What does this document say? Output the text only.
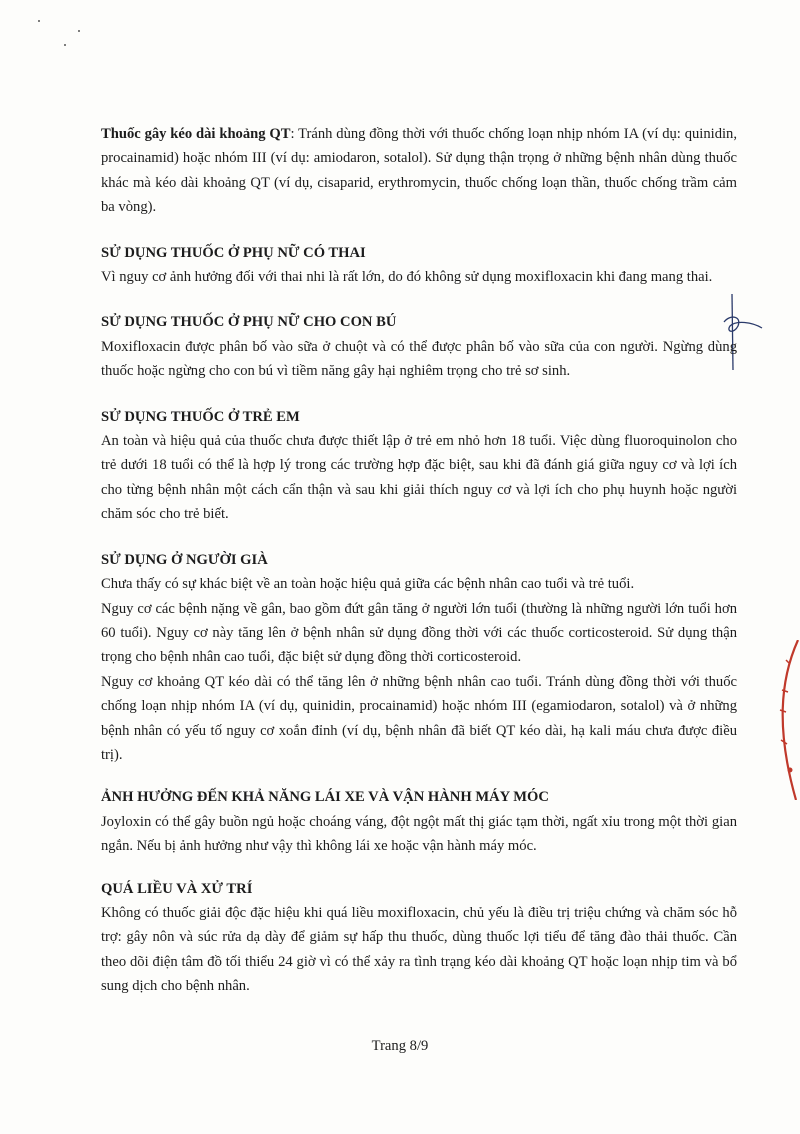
Thuốc gây kéo dài khoảng QT: Tránh dùng đồng thời với thuốc chống loạn nhịp nhóm IA (ví dụ: quinidin, procainamid) hoặc nhóm III (ví dụ: amiodaron, sotalol). Sử dụng thận trọng ở những bệnh nhân dùng thuốc khác mà kéo dài khoảng QT (ví dụ, cisaparid, erythromycin, thuốc chống loạn thần, thuốc chống trầm cảm ba vòng).

SỬ DỤNG THUỐC Ở PHỤ NỮ CÓ THAI

Vì nguy cơ ảnh hưởng đối với thai nhi là rất lớn, do đó không sử dụng moxifloxacin khi đang mang thai.

SỬ DỤNG THUỐC Ở PHỤ NỮ CHO CON BÚ

Moxifloxacin được phân bố vào sữa ở chuột và có thể được phân bố vào sữa của con người. Ngừng dùng thuốc hoặc ngừng cho con bú vì tiềm năng gây hại nghiêm trọng cho trẻ sơ sinh.

SỬ DỤNG THUỐC Ở TRẺ EM

An toàn và hiệu quả của thuốc chưa được thiết lập ở trẻ em nhỏ hơn 18 tuổi. Việc dùng fluoroquinolon cho trẻ dưới 18 tuổi có thể là hợp lý trong các trường hợp đặc biệt, sau khi đã đánh giá giữa nguy cơ và lợi ích cho từng bệnh nhân một cách cẩn thận và sau khi giải thích nguy cơ và lợi ích cho phụ huynh hoặc người chăm sóc cho trẻ biết.

SỬ DỤNG Ở NGƯỜI GIÀ

Chưa thấy có sự khác biệt về an toàn hoặc hiệu quả giữa các bệnh nhân cao tuổi và trẻ tuổi.

Nguy cơ các bệnh nặng về gân, bao gồm đứt gân tăng ở người lớn tuổi (thường là những người lớn tuổi hơn 60 tuổi). Nguy cơ này tăng lên ở bệnh nhân sử dụng đồng thời với các thuốc corticosteroid. Sử dụng thận trọng cho bệnh nhân cao tuổi, đặc biệt sử dụng đồng thời corticosteroid.

Nguy cơ khoảng QT kéo dài có thể tăng lên ở những bệnh nhân cao tuổi. Tránh dùng đồng thời với thuốc chống loạn nhịp nhóm IA (ví dụ, quinidin, procainamid) hoặc nhóm III (egamiodaron, sotalol) và ở những bệnh nhân có yếu tố nguy cơ xoắn đỉnh (ví dụ, bệnh nhân đã biết QT kéo dài, hạ kali máu chưa được điều trị).

ẢNH HƯỞNG ĐẾN KHẢ NĂNG LÁI XE VÀ VẬN HÀNH MÁY MÓC

Joyloxin có thể gây buồn ngủ hoặc choáng váng, đột ngột mất thị giác tạm thời, ngất xỉu trong một thời gian ngắn. Nếu bị ảnh hưởng như vậy thì không lái xe hoặc vận hành máy móc.

QUÁ LIỀU VÀ XỬ TRÍ

Không có thuốc giải độc đặc hiệu khi quá liều moxifloxacin, chủ yếu là điều trị triệu chứng và chăm sóc hỗ trợ: gây nôn và súc rửa dạ dày để giảm sự hấp thu thuốc, dùng thuốc lợi tiểu để tăng đào thải thuốc. Cần theo dõi điện tâm đồ tối thiểu 24 giờ vì có thể xảy ra tình trạng kéo dài khoảng QT hoặc loạn nhịp tim và bổ sung dịch cho bệnh nhân.

Trang 8/9
